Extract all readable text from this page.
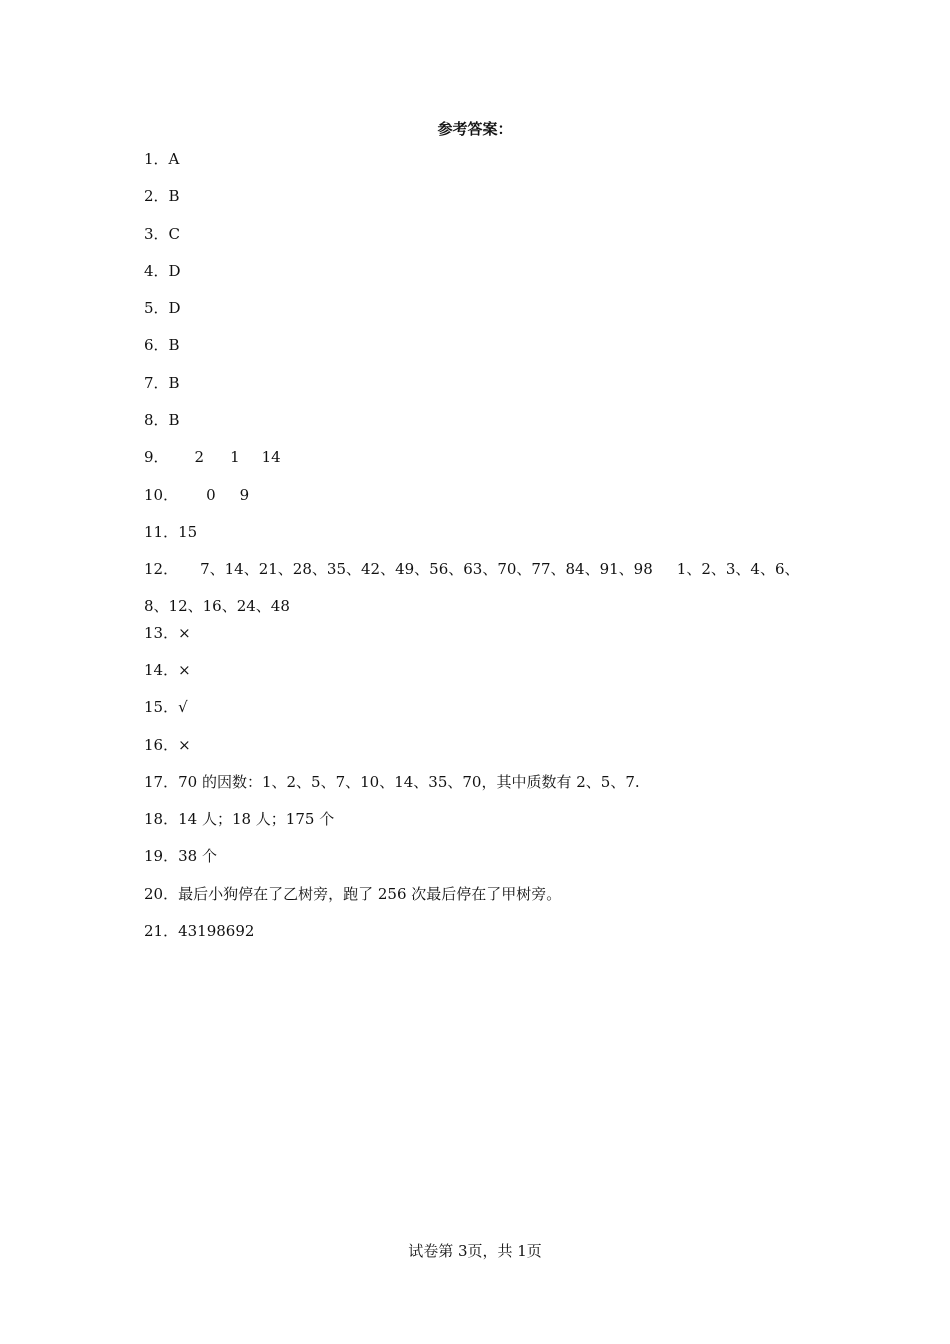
参考答案：
1．A
2．B
3．C
4．D
5．D
6．B
7．B
8．B
9． 2 1 14
10． 0 9
11．15
12． 7、14、21、28、35、42、49、56、63、70、77、84、91、98 1、2、3、4、6、8、12、16、24、48
13．×
14．×
15．√
16．×
17．70 的因数：1、2、5、7、10、14、35、70，其中质数有 2、5、7.
18．14 人；18 人；175 个
19．38 个
20．最后小狗停在了乙树旁，跑了 256 次最后停在了甲树旁。
21．43198692
试卷第 3页，共 1页
